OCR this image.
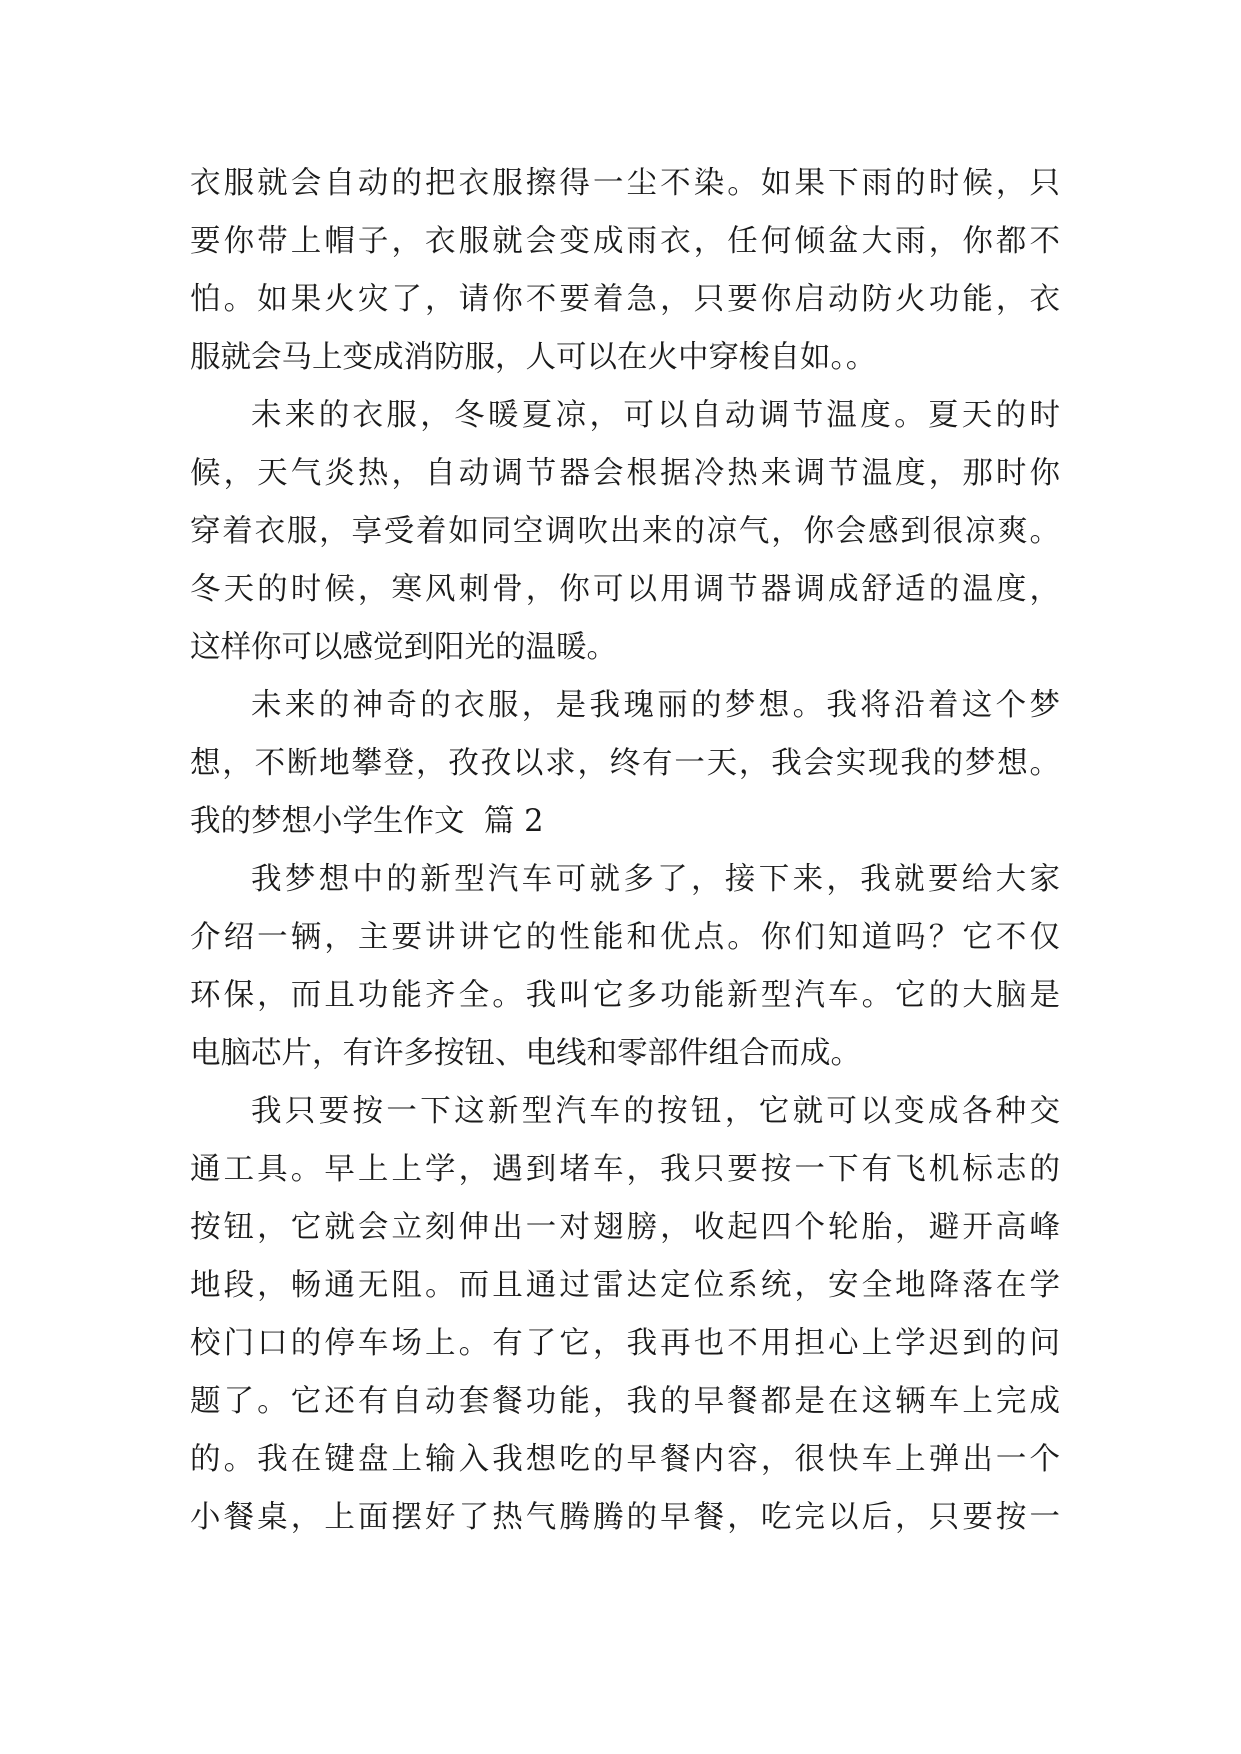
衣服就会自动的把衣服擦得一尘不染。如果下雨的时候，只

要你带上帽子，衣服就会变成雨衣，任何倾盆大雨，你都不

怕。如果火灾了，请你不要着急，只要你启动防火功能，衣

服就会马上变成消防服，人可以在火中穿梭自如。。

未来的衣服，冬暖夏凉，可以自动调节温度。夏天的时

候，天气炎热，自动调节器会根据冷热来调节温度，那时你

穿着衣服，享受着如同空调吹出来的凉气，你会感到很凉爽。

冬天的时候，寒风刺骨，你可以用调节器调成舒适的温度，

这样你可以感觉到阳光的温暖。

未来的神奇的衣服，是我瑰丽的梦想。我将沿着这个梦

想，不断地攀登，孜孜以求，终有一天，我会实现我的梦想。

我的梦想小学生作文  篇 2

我梦想中的新型汽车可就多了，接下来，我就要给大家

介绍一辆，主要讲讲它的性能和优点。你们知道吗？它不仅

环保，而且功能齐全。我叫它多功能新型汽车。它的大脑是

电脑芯片，有许多按钮、电线和零部件组合而成。

我只要按一下这新型汽车的按钮，它就可以变成各种交

通工具。早上上学，遇到堵车，我只要按一下有飞机标志的

按钮，它就会立刻伸出一对翅膀，收起四个轮胎，避开高峰

地段，畅通无阻。而且通过雷达定位系统，安全地降落在学

校门口的停车场上。有了它，我再也不用担心上学迟到的问

题了。它还有自动套餐功能，我的早餐都是在这辆车上完成

的。我在键盘上输入我想吃的早餐内容，很快车上弹出一个

小餐桌，上面摆好了热气腾腾的早餐，吃完以后，只要按一
